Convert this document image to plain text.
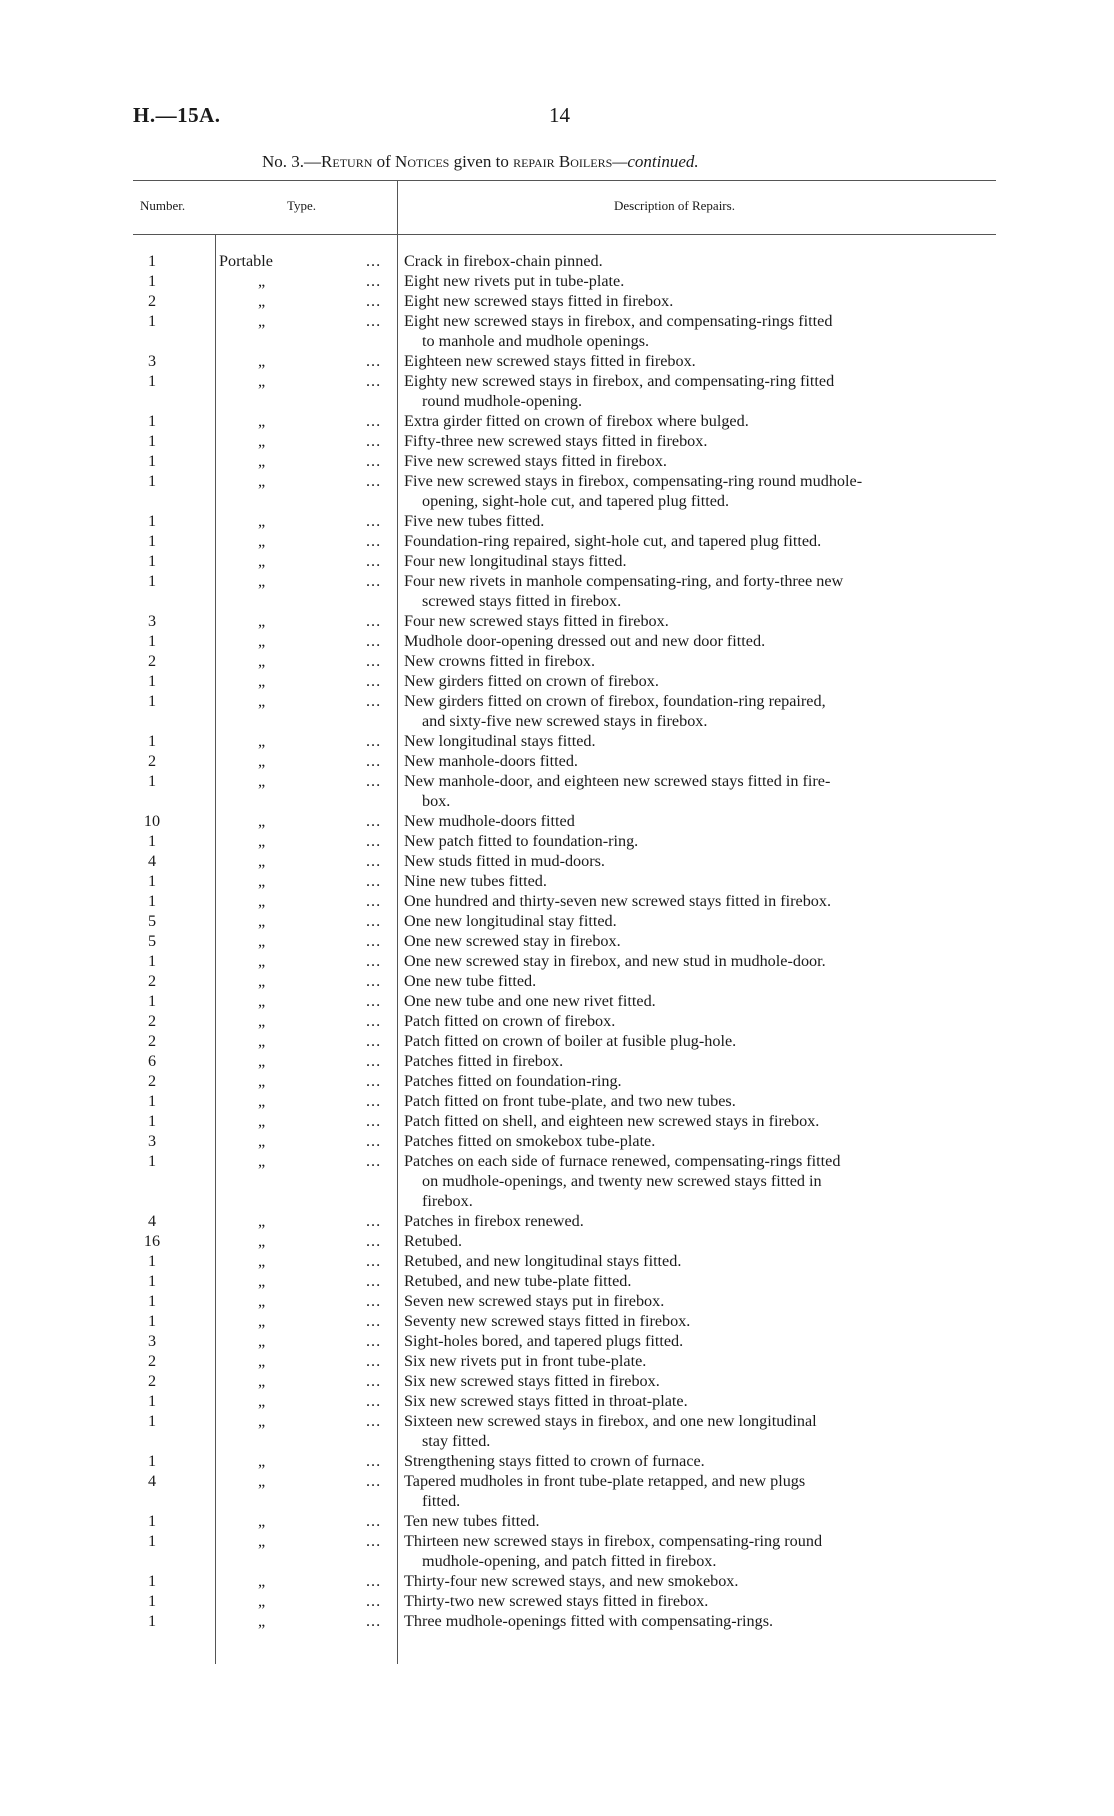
H.—15A.	14
No. 3.—Return of Notices given to repair Boilers—continued.
Number.	Type.	Description of Repairs.
1	Portable	... Crack in firebox-chain pinned.
1	„	... Eight new rivets put in tube-plate.
2	„	... Eight new screwed stays fitted in firebox.
1	„	... Eight new screwed stays in firebox, and compensating-rings fitted
to manhole and mudhole openings.
3	„	... Eighteen new screwed stays fitted in firebox.
1	„	... Eighty new screwed stays in firebox, and compensating-ring fitted
round mudhole-opening.
1	„	... Extra girder fitted on crown of firebox where bulged.
1	„	... Fifty-three new screwed stays fitted in firebox.
1	„	... Five new screwed stays fitted in firebox.
1	„	... Five new screwed stays in firebox, compensating-ring round mudhole-
opening, sight-hole cut, and tapered plug fitted.
1	„	... Five new tubes fitted.
1	„	... Foundation-ring repaired, sight-hole cut, and tapered plug fitted.
1	„	... Four new longitudinal stays fitted.
1	„	... Four new rivets in manhole compensating-ring, and forty-three new
screwed stays fitted in firebox.
3	„	... Four new screwed stays fitted in firebox.
1	„	... Mudhole door-opening dressed out and new door fitted.
2	„	... New crowns fitted in firebox.
1	„	... New girders fitted on crown of firebox.
1	„	... New girders fitted on crown of firebox, foundation-ring repaired,
and sixty-five new screwed stays in firebox.
1	„	... New longitudinal stays fitted.
2	„	... New manhole-doors fitted.
1	„	... New manhole-door, and eighteen new screwed stays fitted in fire-
box.
10	„	... New mudhole-doors fitted
1	„	... New patch fitted to foundation-ring.
4	„	... New studs fitted in mud-doors.
1	„	... Nine new tubes fitted.
1	„	... One hundred and thirty-seven new screwed stays fitted in firebox.
5	„	... One new longitudinal stay fitted.
5	„	... One new screwed stay in firebox.
1	„	... One new screwed stay in firebox, and new stud in mudhole-door.
2	„	... One new tube fitted.
1	„	... One new tube and one new rivet fitted.
2	„	... Patch fitted on crown of firebox.
2	„	... Patch fitted on crown of boiler at fusible plug-hole.
6	„	... Patches fitted in firebox.
2	„	... Patches fitted on foundation-ring.
1	„	... Patch fitted on front tube-plate, and two new tubes.
1	„	... Patch fitted on shell, and eighteen new screwed stays in firebox.
3	„	... Patches fitted on smokebox tube-plate.
1	„	... Patches on each side of furnace renewed, compensating-rings fitted
on mudhole-openings, and twenty new screwed stays fitted in
firebox.
4	„	... Patches in firebox renewed.
16	„	... Retubed.
1	„	... Retubed, and new longitudinal stays fitted.
1	„	... Retubed, and new tube-plate fitted.
1	„	... Seven new screwed stays put in firebox.
1	„	... Seventy new screwed stays fitted in firebox.
3	„	... Sight-holes bored, and tapered plugs fitted.
2	„	... Six new rivets put in front tube-plate.
2	„	... Six new screwed stays fitted in firebox.
1	„	... Six new screwed stays fitted in throat-plate.
1	„	... Sixteen new screwed stays in firebox, and one new longitudinal
stay fitted.
1	„	... Strengthening stays fitted to crown of furnace.
4	„	... Tapered mudholes in front tube-plate retapped, and new plugs
fitted.
1	„	... Ten new tubes fitted.
1	„	... Thirteen new screwed stays in firebox, compensating-ring round
mudhole-opening, and patch fitted in firebox.
1	„	... Thirty-four new screwed stays, and new smokebox.
1	„	... Thirty-two new screwed stays fitted in firebox.
1	„	... Three mudhole-openings fitted with compensating-rings.
